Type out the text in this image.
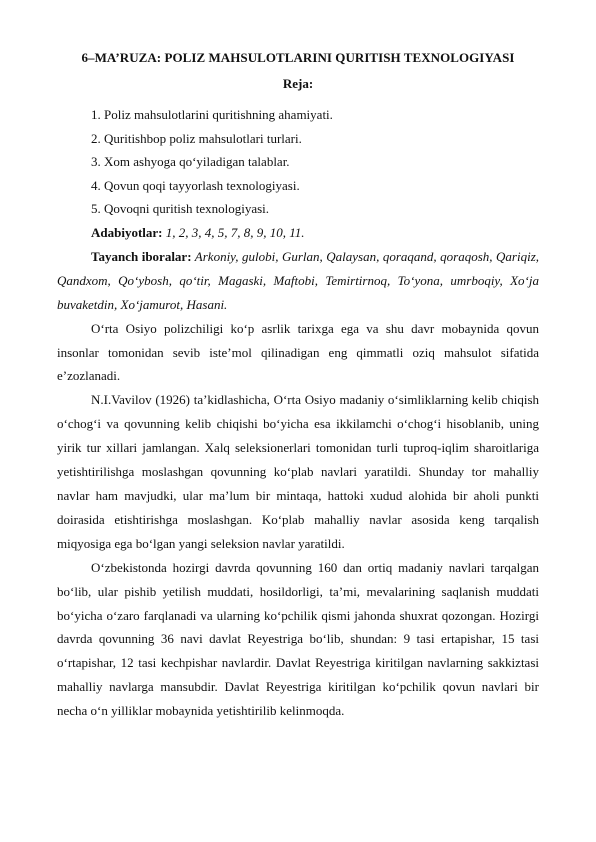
6–MA’RUZA: POLIZ MAHSULOTLARINI QURITISH TEXNOLOGIYASI
Reja:
1. Poliz mahsulotlarini quritishning ahamiyati.
2. Quritishbop poliz mahsulotlari turlari.
3. Xom ashyoga qo‘yiladigan talablar.
4. Qovun qoqi tayyorlash texnologiyasi.
5. Qovoqni quritish texnologiyasi.

Adabiyotlar: 1, 2, 3, 4, 5, 7, 8, 9, 10, 11.

Tayanch iboralar: Arkoniy, gulobi, Gurlan, Qalaysan, qoraqand, qoraqosh, Qariqiz, Qandxom, Qo‘ybosh, qo‘tir, Magaski, Maftobi, Temirtirnoq, To‘yona, umrboqiy, Xo‘ja buvaketdin, Xo‘jamurot, Hasani.

O‘rta Osiyo polizchiligi ko‘p asrlik tarixga ega va shu davr mobaynida qovun insonlar tomonidan sevib iste’mol qilinadigan eng qimmatli oziq mahsulot sifatida e’zozlanadi.

N.I.Vavilov (1926) ta’kidlashicha, O‘rta Osiyo madaniy o‘simliklarning kelib chiqish o‘chog‘i va qovunning kelib chiqishi bo‘yicha esa ikkilamchi o‘chog‘i hisoblanib, uning yirik tur xillari jamlangan. Xalq seleksionerlari tomonidan turli tuproq-iqlim sharoitlariga yetishtirilishga moslashgan qovunning ko‘plab navlari yaratildi. Shunday tor mahalliy navlar ham mavjudki, ular ma’lum bir mintaqa, hattoki xudud alohida bir aholi punkti doirasida etishtirishga moslashgan. Ko‘plab mahalliy navlar asosida keng tarqalish miqyosiga ega bo‘lgan yangi seleksion navlar yaratildi.

O‘zbekistonda hozirgi davrda qovunning 160 dan ortiq madaniy navlari tarqalgan bo‘lib, ular pishib yetilish muddati, hosildorligi, ta’mi, mevalarining saqlanish muddati bo‘yicha o‘zaro farqlanadi va ularning ko‘pchilik qismi jahonda shuxrat qozongan. Hozirgi davrda qovunning 36 navi davlat Reyestriga bo‘lib, shundan: 9 tasi ertapishar, 15 tasi o‘rtapishar, 12 tasi kechpishar navlardir. Davlat Reyestriga kiritilgan navlarning sakkiztasi mahalliy navlarga mansubdir. Davlat Reyestriga kiritilgan ko‘pchilik qovun navlari bir necha o‘n yilliklar mobaynida yetishtirilib kelinmoqda.
